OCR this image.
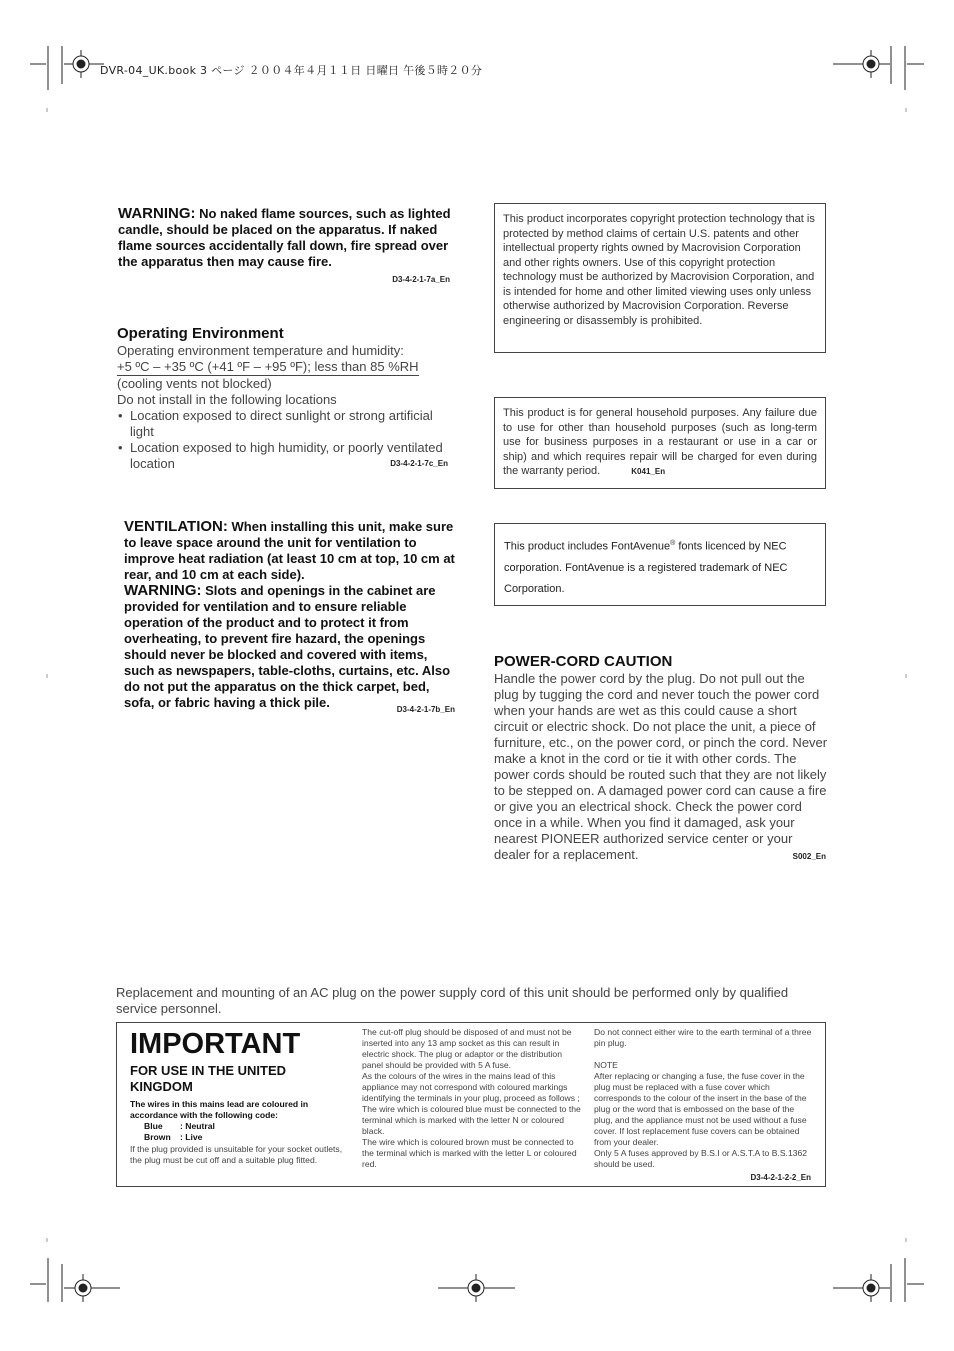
DVR-04_UK.book 3 ページ ２００４年４月１１日 日曜日 午後５時２０分
WARNING: No naked flame sources, such as lighted candle, should be placed on the apparatus. If naked flame sources accidentally fall down, fire spread over the apparatus then may cause fire.
D3-4-2-1-7a_En
Operating Environment
Operating environment temperature and humidity:
+5 ºC – +35 ºC (+41 ºF – +95 ºF); less than 85 %RH
(cooling vents not blocked)
Do not install in the following locations
• Location exposed to direct sunlight or strong artificial light
• Location exposed to high humidity, or poorly ventilated location	D3-4-2-1-7c_En
VENTILATION: When installing this unit, make sure to leave space around the unit for ventilation to improve heat radiation (at least 10 cm at top, 10 cm at rear, and 10 cm at each side).
WARNING: Slots and openings in the cabinet are provided for ventilation and to ensure reliable operation of the product and to protect it from overheating, to prevent fire hazard, the openings should never be blocked and covered with items, such as newspapers, table-cloths, curtains, etc. Also do not put the apparatus on the thick carpet, bed, sofa, or fabric having a thick pile.	D3-4-2-1-7b_En
This product incorporates copyright protection technology that is protected by method claims of certain U.S. patents and other intellectual property rights owned by Macrovision Corporation and other rights owners. Use of this copyright protection technology must be authorized by Macrovision Corporation, and is intended for home and other limited viewing uses only unless otherwise authorized by Macrovision Corporation. Reverse engineering or disassembly is prohibited.
This product is for general household purposes. Any failure due to use for other than household purposes (such as long-term use for business purposes in a restaurant or use in a car or ship) and which requires repair will be charged for even during the warranty period.	K041_En
This product includes FontAvenue® fonts licenced by NEC corporation. FontAvenue is a registered trademark of NEC Corporation.
POWER-CORD CAUTION
Handle the power cord by the plug. Do not pull out the plug by tugging the cord and never touch the power cord when your hands are wet as this could cause a short circuit or electric shock. Do not place the unit, a piece of furniture, etc., on the power cord, or pinch the cord. Never make a knot in the cord or tie it with other cords. The power cords should be routed such that they are not likely to be stepped on. A damaged power cord can cause a fire or give you an electrical shock. Check the power cord once in a while. When you find it damaged, ask your nearest PIONEER authorized service center or your dealer for a replacement.	S002_En
Replacement and mounting of an AC plug on the power supply cord of this unit should be performed only by qualified service personnel.
IMPORTANT
FOR USE IN THE UNITED KINGDOM
The wires in this mains lead are coloured in accordance with the following code:
Blue : Neutral
Brown : Live
If the plug provided is unsuitable for your socket outlets, the plug must be cut off and a suitable plug fitted.
The cut-off plug should be disposed of and must not be inserted into any 13 amp socket as this can result in electric shock. The plug or adaptor or the distribution panel should be provided with 5 A fuse.
As the colours of the wires in the mains lead of this appliance may not correspond with coloured markings identifying the terminals in your plug, proceed as follows ;
The wire which is coloured blue must be connected to the terminal which is marked with the letter N or coloured black.
The wire which is coloured brown must be connected to the terminal which is marked with the letter L or coloured red.
Do not connect either wire to the earth terminal of a three pin plug.
NOTE
After replacing or changing a fuse, the fuse cover in the plug must be replaced with a fuse cover which corresponds to the colour of the insert in the base of the plug or the word that is embossed on the base of the plug, and the appliance must not be used without a fuse cover. If lost replacement fuse covers can be obtained from your dealer.
Only 5 A fuses approved by B.S.I or A.S.T.A to B.S.1362 should be used.
D3-4-2-1-2-2_En
